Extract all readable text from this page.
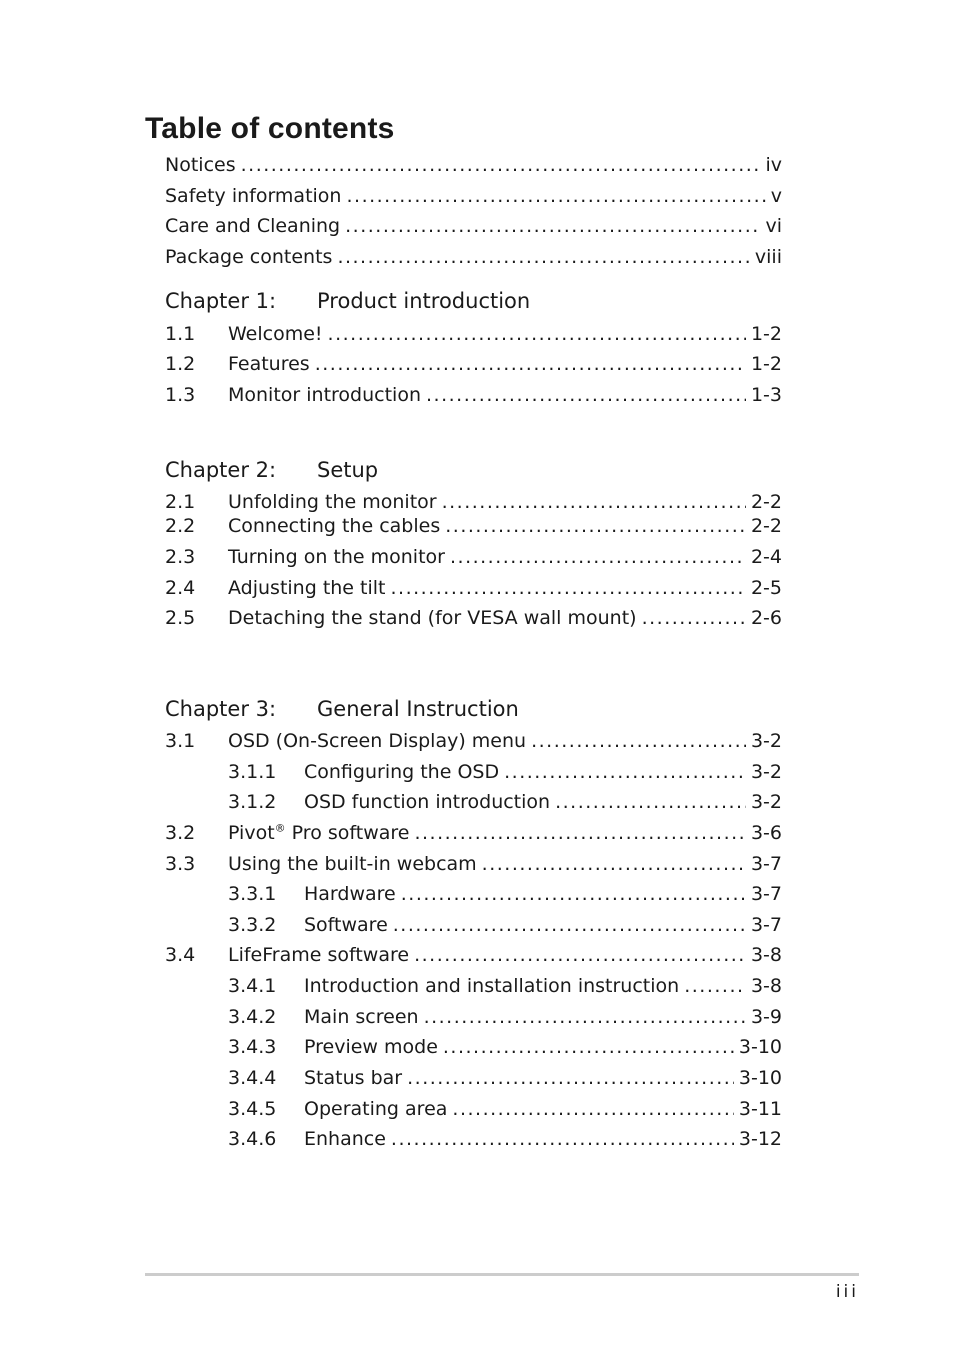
Table of contents
Notices .....	iv
Safety information .....	v
Care and Cleaning .....	vi
Package contents .....	viii
Chapter 1: Product introduction
1.1	Welcome! .....	1-2
1.2	Features .....	1-2
1.3	Monitor introduction .....	1-3
Chapter 2: Setup
2.1	Unfolding the monitor .....	2-2
2.2	Connecting the cables .....	2-2
2.3	Turning on the monitor .....	2-4
2.4	Adjusting the tilt .....	2-5
2.5	Detaching the stand (for VESA wall mount) .....	2-6
Chapter 3: General Instruction
3.1	OSD (On-Screen Display) menu .....	3-2
3.1.1	Configuring the OSD .....	3-2
3.1.2	OSD function introduction .....	3-2
3.2	Pivot® Pro software .....	3-6
3.3	Using the built-in webcam .....	3-7
3.3.1	Hardware .....	3-7
3.3.2	Software .....	3-7
3.4	LifeFrame software .....	3-8
3.4.1	Introduction and installation instruction .....	3-8
3.4.2	Main screen .....	3-9
3.4.3	Preview mode .....	3-10
3.4.4	Status bar .....	3-10
3.4.5	Operating area .....	3-11
3.4.6	Enhance .....	3-12
iii
